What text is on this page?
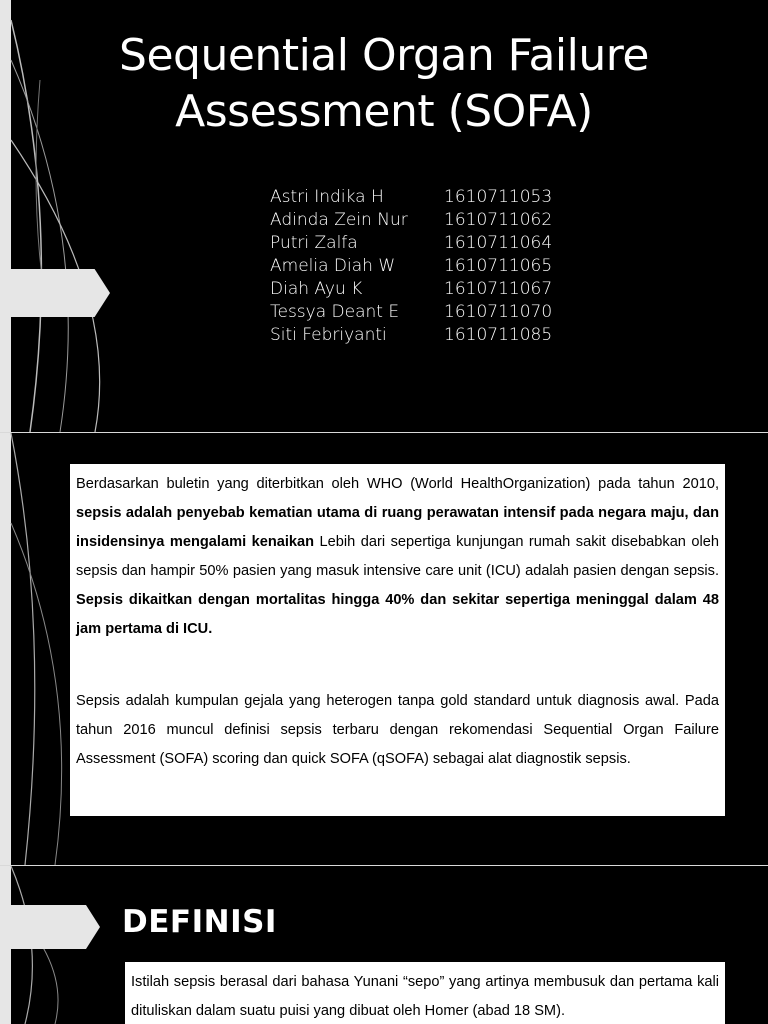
Sequential Organ Failure
Assessment (SOFA)
Astri Indika H	1610711053
Adinda Zein Nur	1610711062
Putri Zalfa	1610711064
Amelia Diah W	1610711065
Diah Ayu K	1610711067
Tessya Deant E	1610711070
Siti Febriyanti	1610711085

Berdasarkan buletin yang diterbitkan oleh WHO (World HealthOrganization) pada tahun 2010, sepsis adalah penyebab kematian utama di ruang perawatan intensif pada negara maju, dan insidensinya mengalami kenaikan Lebih dari sepertiga kunjungan rumah sakit disebabkan oleh sepsis dan hampir 50% pasien yang masuk intensive care unit (ICU) adalah pasien dengan sepsis. Sepsis dikaitkan dengan mortalitas hingga 40% dan sekitar sepertiga meninggal dalam 48 jam pertama di ICU.

Sepsis adalah kumpulan gejala yang heterogen tanpa gold standard untuk diagnosis awal. Pada tahun 2016 muncul definisi sepsis terbaru dengan rekomendasi Sequential Organ Failure Assessment (SOFA) scoring dan quick SOFA (qSOFA) sebagai alat diagnostik sepsis.

DEFINISI

Istilah sepsis berasal dari bahasa Yunani “sepo” yang artinya membusuk dan pertama kali dituliskan dalam suatu puisi yang dibuat oleh Homer (abad 18 SM).
